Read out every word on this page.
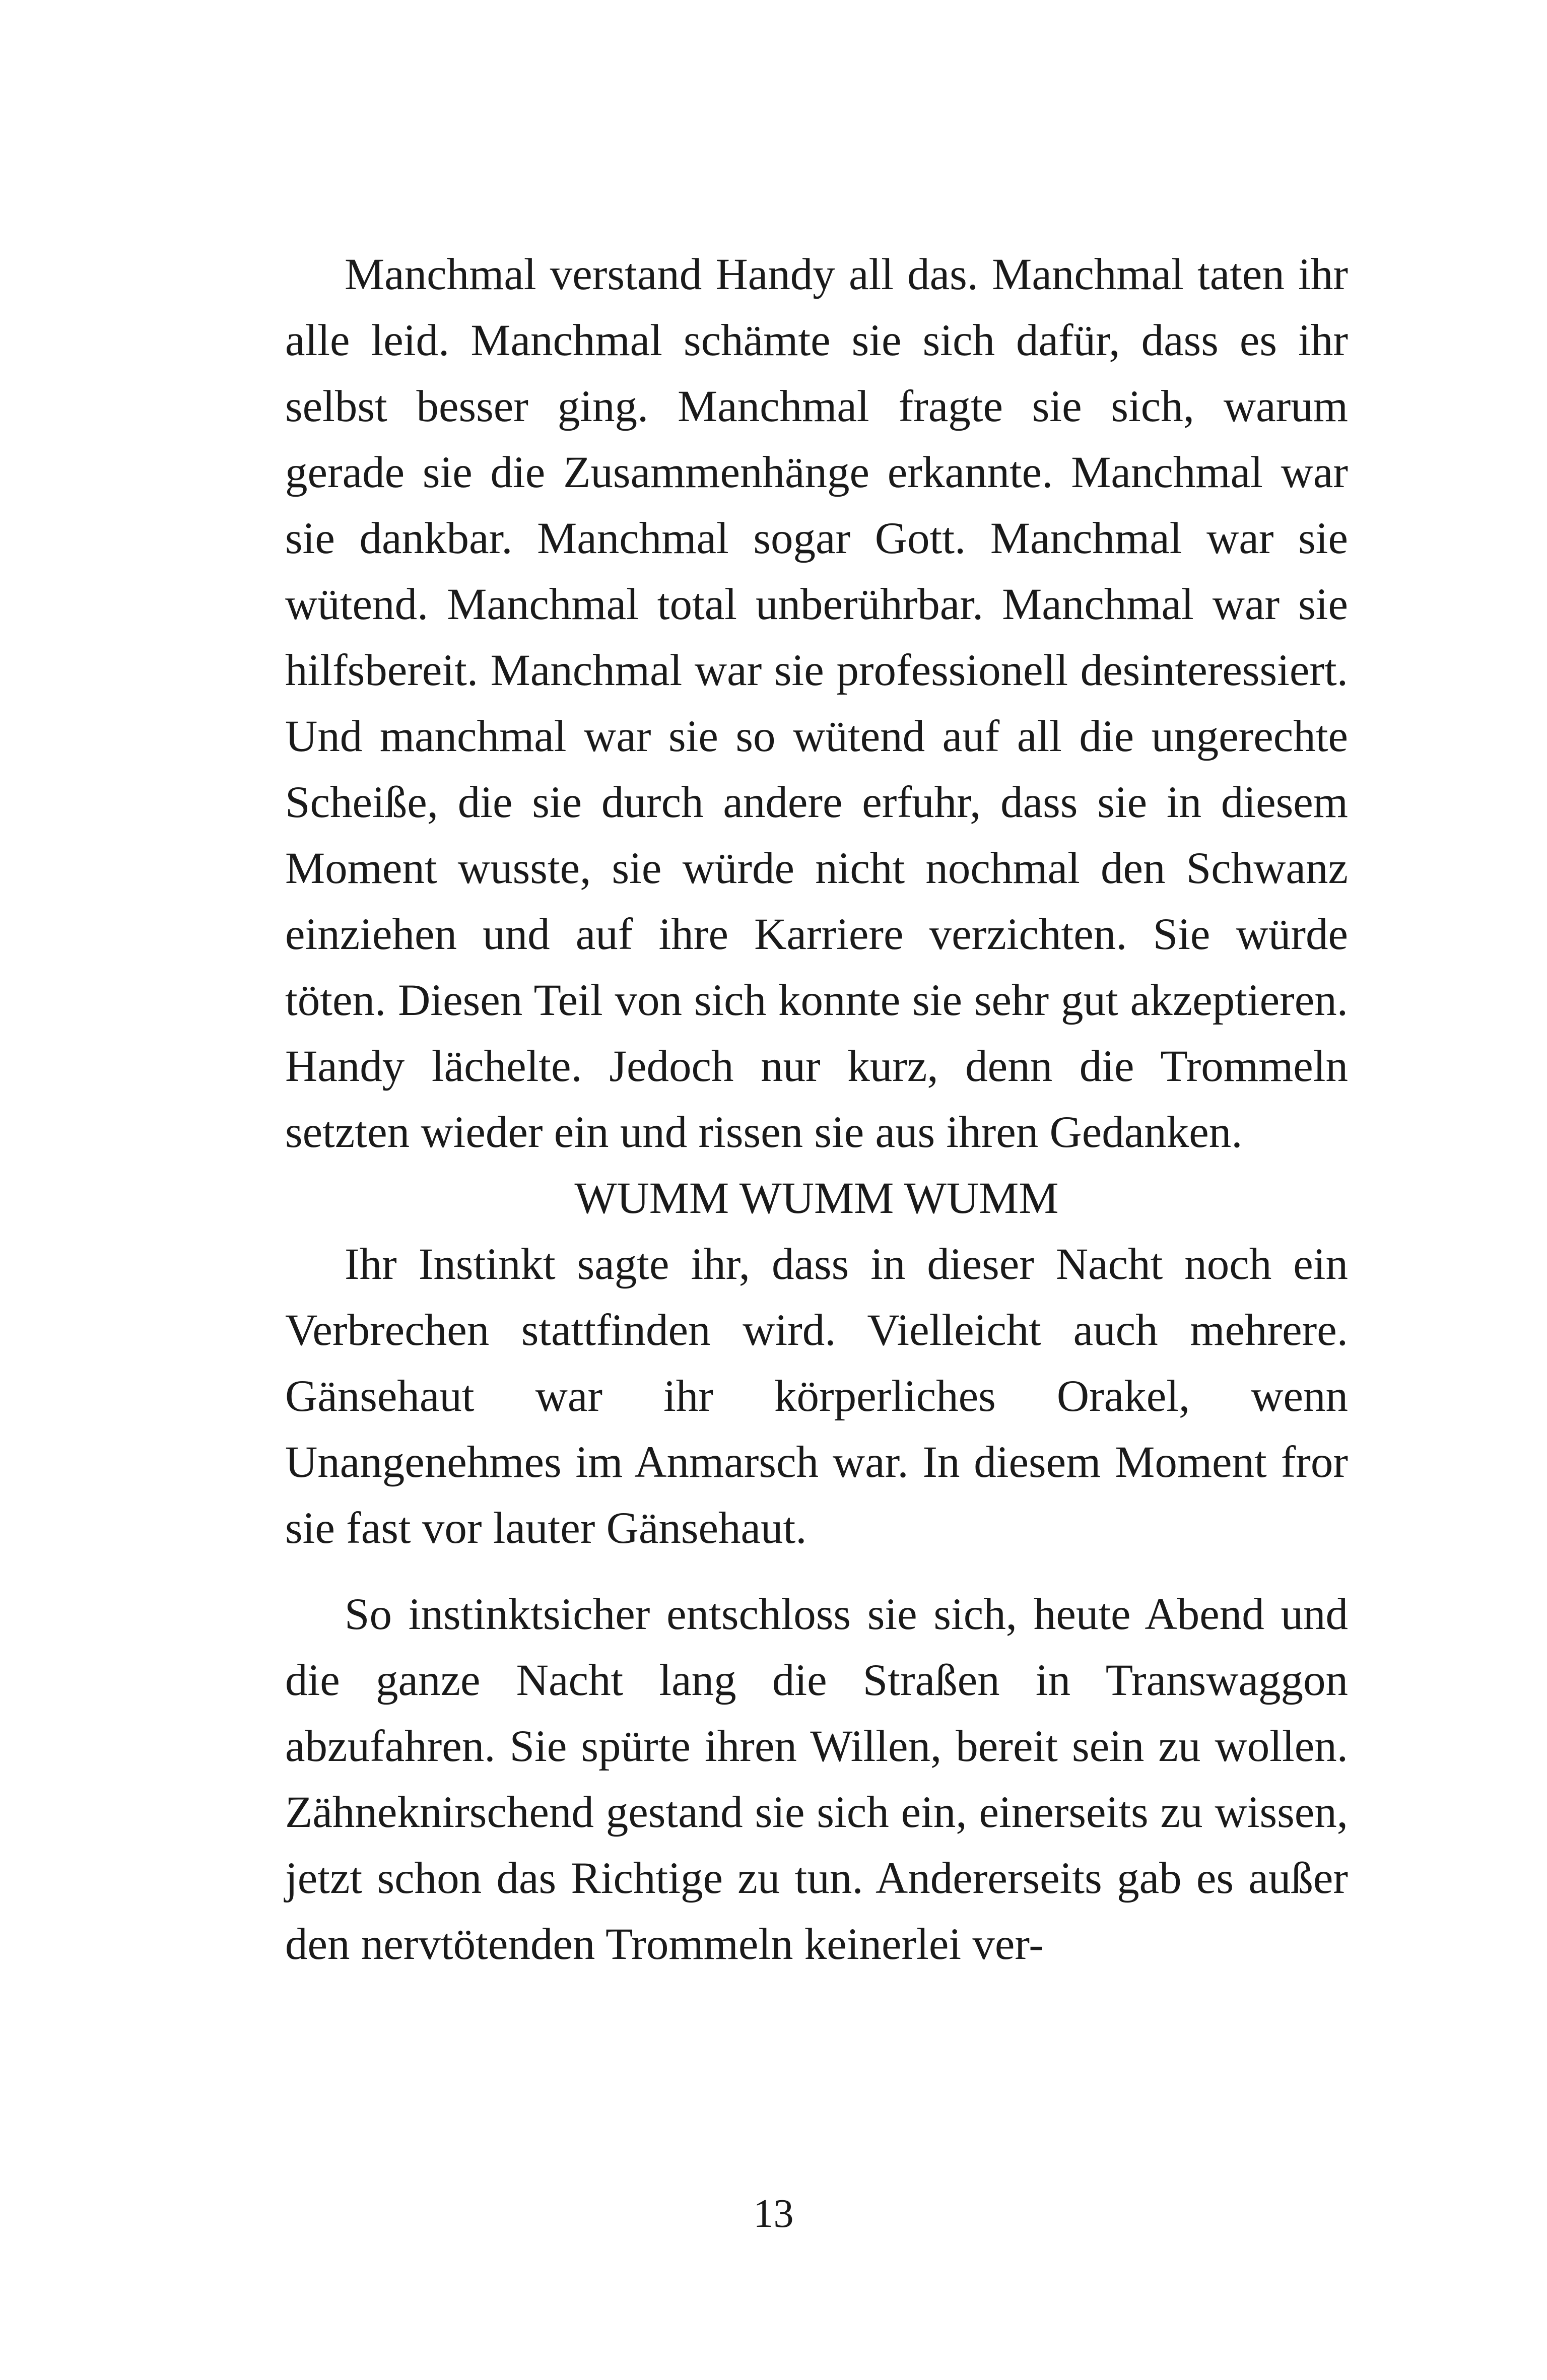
Manchmal verstand Handy all das. Manchmal taten ihr alle leid. Manchmal schämte sie sich dafür, dass es ihr selbst besser ging. Manchmal fragte sie sich, warum gerade sie die Zusammenhänge erkannte. Manchmal war sie dankbar. Manchmal sogar Gott. Manchmal war sie wütend. Manchmal total unberührbar. Manchmal war sie hilfsbereit. Manchmal war sie professionell desinteressiert. Und manchmal war sie so wütend auf all die ungerechte Scheiße, die sie durch andere erfuhr, dass sie in diesem Moment wusste, sie würde nicht nochmal den Schwanz einziehen und auf ihre Karriere verzichten. Sie würde töten. Diesen Teil von sich konnte sie sehr gut akzeptieren. Handy lächelte. Jedoch nur kurz, denn die Trommeln setzten wieder ein und rissen sie aus ihren Gedanken.

WUMM WUMM WUMM

Ihr Instinkt sagte ihr, dass in dieser Nacht noch ein Verbrechen stattfinden wird. Vielleicht auch mehrere. Gänsehaut war ihr körperliches Orakel, wenn Unangenehmes im Anmarsch war. In diesem Moment fror sie fast vor lauter Gänsehaut.

So instinktsicher entschloss sie sich, heute Abend und die ganze Nacht lang die Straßen in Transwaggon abzufahren. Sie spürte ihren Willen, bereit sein zu wollen. Zähneknirschend gestand sie sich ein, einerseits zu wissen, jetzt schon das Richtige zu tun. Andererseits gab es außer den nervtötenden Trommeln keinerlei ver-

13
